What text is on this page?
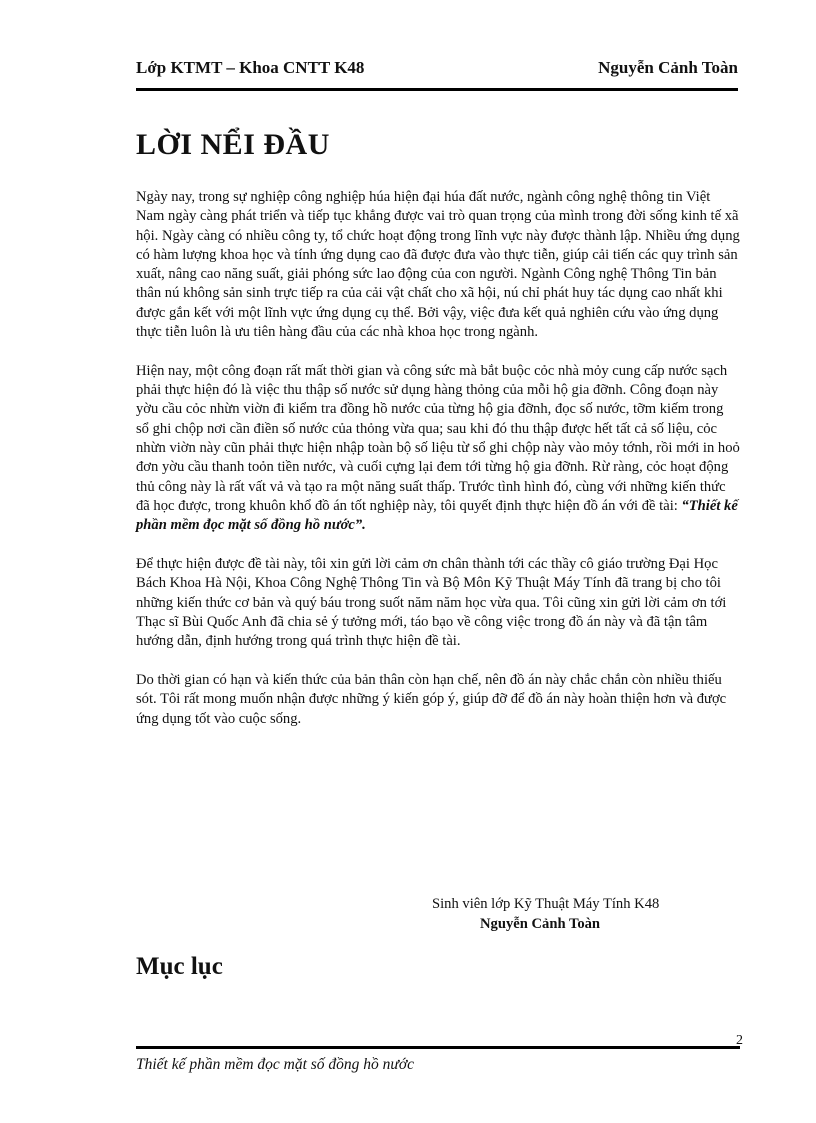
Lớp KTMT – Khoa CNTT K48	Nguyễn Cảnh Toàn
LỜI NỂI ĐẦU

Ngày nay, trong sự nghiệp công nghiệp húa hiện đại húa đất nước, ngành công nghệ thông tin Việt Nam ngày càng phát triển và tiếp tục khẳng được vai trò quan trọng của mình trong đời sống kinh tế xã hội. Ngày càng có nhiều công ty, tổ chức hoạt động trong lĩnh vực này được thành lập. Nhiều ứng dụng có hàm lượng khoa học và tính ứng dụng cao đã được đưa vào thực tiễn, giúp cải tiến các quy trình sản xuất, nâng cao năng suất, giải phóng sức lao động của con người. Ngành Công nghệ Thông Tin bản thân nú không sản sinh trực tiếp ra của cải vật chất cho xã hội, nú chỉ phát huy tác dụng cao nhất khi được gắn kết với một lĩnh vực ứng dụng cụ thể. Bởi vậy, việc đưa kết quả nghiên cứu vào ứng dụng thực tiễn luôn là ưu tiên hàng đầu của các nhà khoa học trong ngành.

Hiện nay, một công đoạn rất mất thời gian và công sức mà bắt buộc cỏc nhà mỏy cung cấp nước sạch phải thực hiện đó là việc thu thập số nước sử dụng hàng thỏng của mỗi hộ gia đỡnh. Công đoạn này yờu cầu cỏc nhừn viờn đi kiểm tra đồng hồ nước của từng hộ gia đỡnh, đọc số nước, tỡm kiếm trong sổ ghi chộp nơi cần điền số nước của thỏng vừa qua; sau khi đó thu thập được hết tất cả số liệu, cỏc nhừn viờn này cũn phải thực hiện nhập toàn bộ số liệu từ sổ ghi chộp này vào mỏy tớnh, rồi mới in hoỏ đơn yờu cầu thanh toỏn tiền nước, và cuối cựng lại đem tới từng hộ gia đỡnh. Rừ ràng, cỏc hoạt động thủ công này là rất vất vả và tạo ra một năng suất thấp. Trước tình hình đó, cùng với những kiến thức đã học được, trong khuôn khổ đồ án tốt nghiệp này, tôi quyết định thực hiện đồ án với đề tài: “Thiết kế phần mềm đọc mặt số đồng hồ nước”.

Để thực hiện được đề tài này, tôi xin gửi lời cảm ơn chân thành tới các thầy cô giáo trường Đại Học Bách Khoa Hà Nội, Khoa Công Nghệ Thông Tin và Bộ Môn Kỹ Thuật Máy Tính đã trang bị cho tôi những kiến thức cơ bản và quý báu trong suốt năm năm học vừa qua. Tôi cũng xin gửi lời cảm ơn tới Thạc sĩ Bùi Quốc Anh đã chia sẻ ý tưởng mới, táo bạo về công việc trong đồ án này và đã tận tâm hướng dẫn, định hướng trong quá trình thực hiện đề tài.

Do thời gian có hạn và kiến thức của bản thân còn hạn chế, nên đồ án này chắc chắn còn nhiều thiếu sót. Tôi rất mong muốn nhận được những ý kiến góp ý, giúp đỡ để đồ án này hoàn thiện hơn và được ứng dụng tốt vào cuộc sống.

Sinh viên lớp Kỹ Thuật Máy Tính K48
Nguyễn Cảnh Toàn
Mục lục
2
Thiết kế phần mềm đọc mặt số đồng hồ nước
